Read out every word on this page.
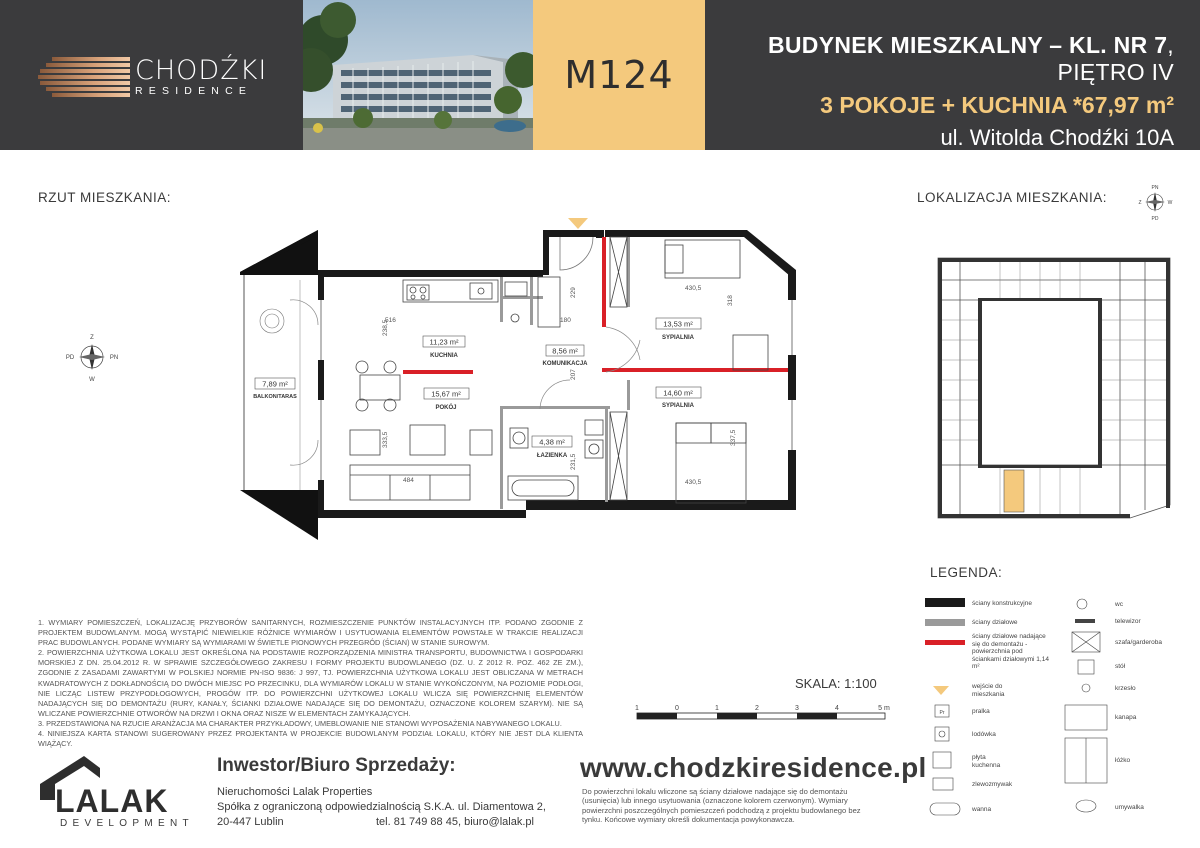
CHODŹKI
RESIDENCE	M124
BUDYNEK MIESZKALNY – KL. NR 7, PIĘTRO IV
3 POKOJE + KUCHNIA *67,97 m²
ul. Witolda Chodźki 10A
RZUT MIESZKANIA:	LOKALIZACJA MIESZKANIA:
Z
W
PD	PN
516
238,5
333,5
484
229
180
207
430,5
318
430,5
337,5
231,5
11,23 m²
KUCHNIA
8,56 m²
KOMUNIKACJA
13,53 m²
SYPIALNIA
15,67 m²
POKÓJ
14,60 m²
SYPIALNIA
4,38 m²
ŁAZIENKA
7,89 m²
BALKON/TARAS
PN
PD
Z	W
1	0	1	2	3	4	5 m
LALAK
Pr

1. WYMIARY POMIESZCZEŃ, LOKALIZACJĘ PRZYBORÓW SANITARNYCH, ROZMIESZCZENIE PUNKTÓW INSTALACYJNYCH ITP. PODANO ZGODNIE Z PROJEKTEM BUDOWLANYM. MOGĄ WYSTĄPIĆ NIEWIELKIE RÓŻNICE WYMIARÓW I USYTUOWANIA ELEMENTÓW POWSTAŁE W TRAKCIE REALIZACJI PRAC BUDOWLANYCH. PODANE WYMIARY SĄ WYMIARAMI W ŚWIETLE PIONOWYCH PRZEGRÓD (ŚCIAN) W STANIE SUROWYM.

2. POWIERZCHNIA UŻYTKOWA LOKALU JEST OKREŚLONA NA PODSTAWIE ROZPORZĄDZENIA MINISTRA TRANSPORTU, BUDOWNICTWA I GOSPODARKI MORSKIEJ Z DN. 25.04.2012 R. W SPRAWIE SZCZEGÓŁOWEGO ZAKRESU I FORMY PROJEKTU BUDOWLANEGO (DZ. U. Z 2012 R. POZ. 462 ZE ZM.), ZGODNIE Z ZASADAMI ZAWARTYMI W POLSKIEJ NORMIE PN-ISO 9836: J 997, TJ. POWIERZCHNIA UŻYTKOWA LOKALU JEST OBLICZANA W METRACH KWADRATOWYCH Z DOKŁADNOŚCIĄ DO DWÓCH MIEJSC PO PRZECINKU, DLA WYMIARÓW LOKALU W STANIE WYKOŃCZONYM, NA POZIOMIE PODŁOGI, NIE LICZĄC LISTEW PRZYPODŁOGOWYCH, PROGÓW ITP. DO POWIERZCHNI UŻYTKOWEJ LOKALU WLICZA SIĘ POWIERZCHNIĘ ELEMENTÓW NADAJĄCYCH SIĘ DO DEMONTAŻU (RURY, KANAŁY, ŚCIANKI DZIAŁOWE NADAJĄCE SIĘ DO DEMONTAŻU, OZNACZONE KOLOREM SZARYM). NIE SĄ WLICZANE POWIERZCHNIE OTWORÓW NA DRZWI I OKNA ORAZ NISZE W ELEMENTACH ZAMYKAJĄCYCH.

3. PRZEDSTAWIONA NA RZUCIE ARANŻACJA MA CHARAKTER PRZYKŁADOWY, UMEBLOWANIE NIE STANOWI WYPOSAŻENIA NABYWANEGO LOKALU.

4. NINIEJSZA KARTA STANOWI SUGEROWANY PRZEZ PROJEKTANTA W PROJEKCIE BUDOWLANYM PODZIAŁ LOKALU, KTÓRY NIE JEST DLA KLIENTA WIĄŻĄCY.

SKALA: 1:100
DEVELOPMENT
Inwestor/Biuro Sprzedaży:
Nieruchomości Lalak Properties
Spółka z ograniczoną odpowiedzialnością S.K.A. ul. Diamentowa 2,
20-447 Lublin	tel. 81 749 88 45, biuro@lalak.pl
www.chodzkiresidence.pl
Do powierzchni lokalu wliczone są ściany działowe nadające się do demontażu (usunięcia) lub innego usytuowania (oznaczone kolorem czerwonym). Wymiary powierzchni poszczególnych pomieszczeń podchodzą z projektu budowlanego bez tynku. Końcowe wymiary określi dokumentacja powykonawcza.
LEGENDA:
ściany konstrukcyjne
ściany działowe
ściany działowe nadające się do demontażu - powierzchnia pod ściankami działowymi 1,14 m²
wejście do mieszkania
pralka
lodówka
płyta kuchenna
zlewozmywak
wanna
wc
telewizor
szafa/garderoba
stół
krzesło
kanapa
łóżko
umywalka
